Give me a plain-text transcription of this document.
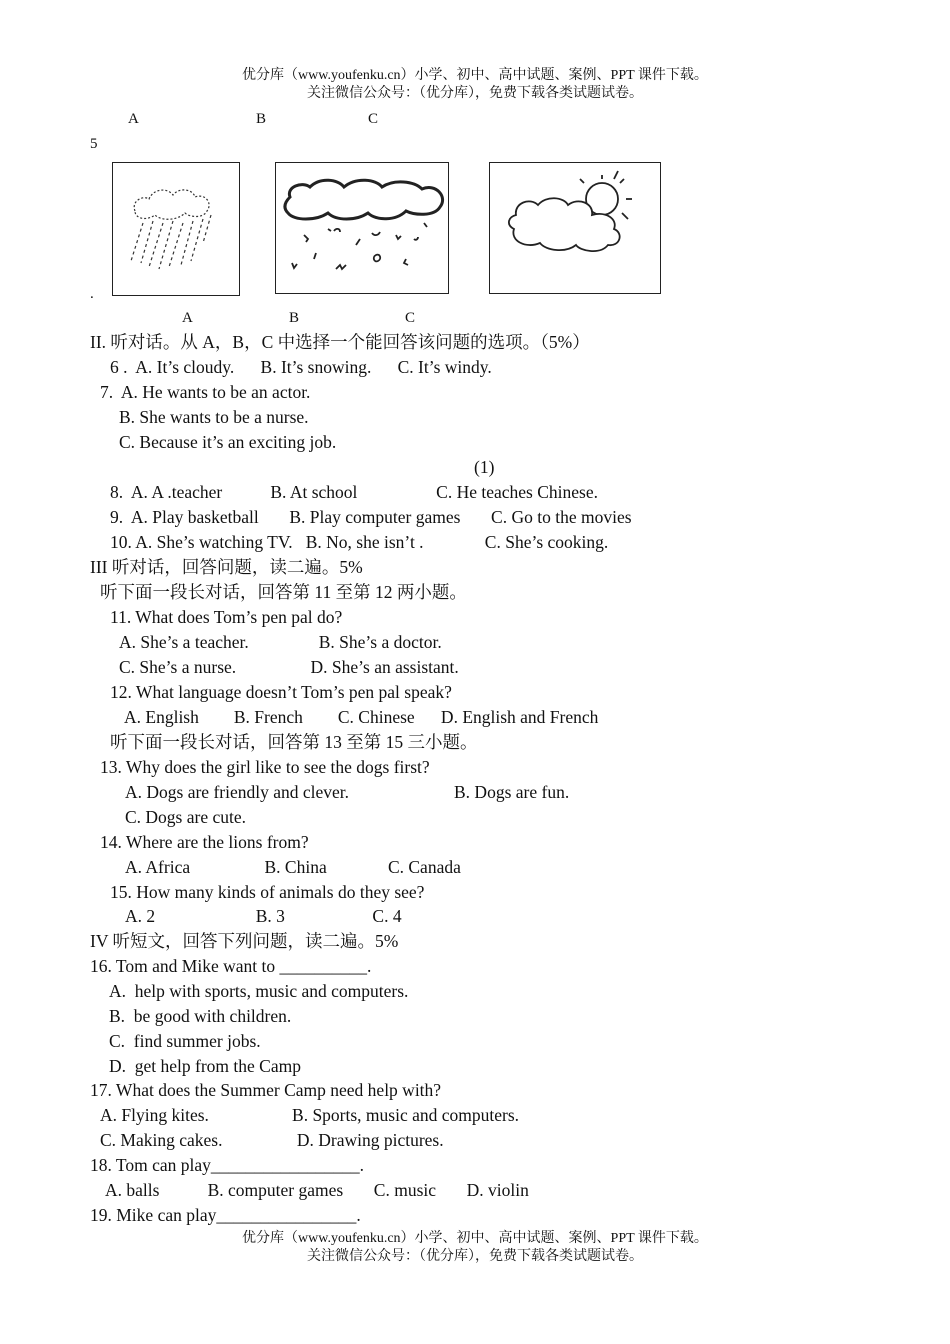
优分库（www.youfenku.cn）小学、初中、高中试题、案例、PPT 课件下载。
关注微信公众号：（优分库），免费下载各类试题试卷。
A	B	C
5
.
A	B	C
II. 听对话。从 A，B，C 中选择一个能回答该问题的选项。（5%）
6 .  A. It’s cloudy.      B. It’s snowing.      C. It’s windy.
7.  A. He wants to be an actor.
B. She wants to be a nurse.
C. Because it’s an exciting job.
(1)
8.  A. A .teacher           B. At school                  C. He teaches Chinese.
9.  A. Play basketball       B. Play computer games       C. Go to the movies
10. A. She’s watching TV.   B. No, she isn’t .              C. She’s cooking.
III 听对话，回答问题，读二遍。5%
听下面一段长对话，回答第 11 至第 12 两小题。
11. What does Tom’s pen pal do?
A. She’s a teacher.                B. She’s a doctor.
C. She’s a nurse.                 D. She’s an assistant.
12. What language doesn’t Tom’s pen pal speak?
A. English        B. French        C. Chinese      D. English and French
听下面一段长对话，回答第 13 至第 15 三小题。
13. Why does the girl like to see the dogs first?
A. Dogs are friendly and clever.                        B. Dogs are fun.
C. Dogs are cute.
14. Where are the lions from?
A. Africa                 B. China              C. Canada
15. How many kinds of animals do they see?
A. 2                       B. 3                    C. 4
IV 听短文，回答下列问题，读二遍。5%
16. Tom and Mike want to __________.
A.  help with sports, music and computers.
B.  be good with children.
C.  find summer jobs.
D.  get help from the Camp
17. What does the Summer Camp need help with?
A. Flying kites.                   B. Sports, music and computers.
C. Making cakes.                 D. Drawing pictures.
18. Tom can play_________________.
A. balls           B. computer games       C. music       D. violin
19. Mike can play________________.
优分库（www.youfenku.cn）小学、初中、高中试题、案例、PPT 课件下载。
关注微信公众号：（优分库），免费下载各类试题试卷。
